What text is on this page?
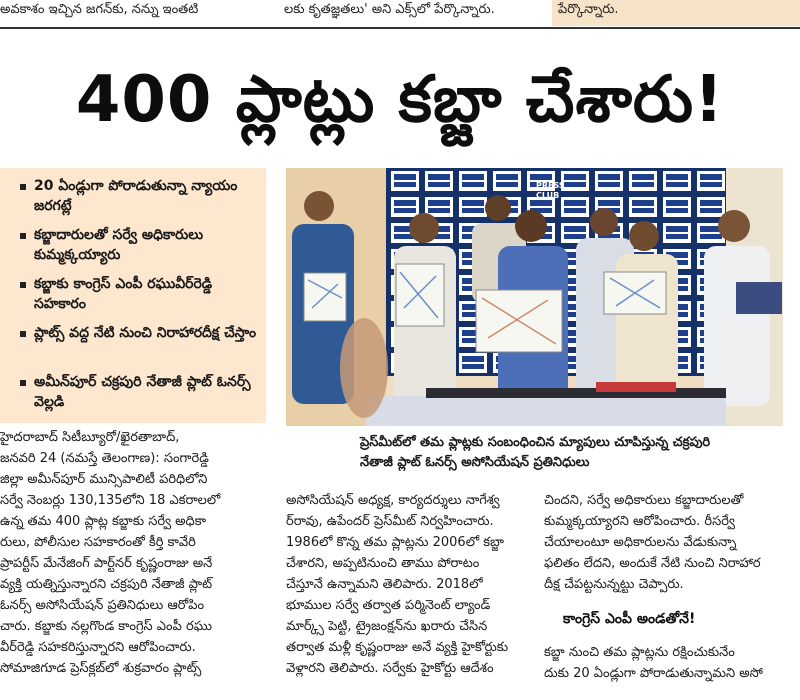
అవకాశం ఇచ్చిన జగన్‌కు, నన్ను ఇంతటి	లకు కృతజ్ఞతలు' అని ఎక్స్‌లో పేర్కొన్నారు.	పేర్కొన్నారు.
400 ప్లాట్లు కబ్జా చేశారు!
20 ఏండ్లుగా పోరాడుతున్నా న్యాయం జరగట్లే
కబ్జాదారులతో సర్వే అధికారులు కుమ్మక్కయ్యారు
కబ్జాకు కాంగ్రెస్ ఎంపీ రఘువీర్‌రెడ్డి సహకారం
ప్లాట్స్ వద్ద నేటి నుంచి నిరాహారదీక్ష చేస్తాం
అమీన్‌పూర్ చక్రపురి నేతాజీ ప్లాట్ ఓనర్స్ వెల్లడి
PRESS
CLUB
ప్రెస్‌మీట్‌లో తమ ప్లాట్లకు సంబంధించిన మ్యాపులు చూపిస్తున్న చక్రపురి నేతాజీ ప్లాట్ ఓనర్స్ అసోసియేషన్ ప్రతినిధులు
హైదరాబాద్ సిటీబ్యూరో/ఖైరతాబాద్,
జనవరి 24 (నమస్తే తెలంగాణ): సంగారెడ్డి
జిల్లా అమీన్‌పూర్ మున్సిపాలిటీ పరిధిలోని
సర్వే నెంబర్లు 130,135లోని 18 ఎకరాలలో
ఉన్న తమ 400 ప్లాట్ల కబ్జాకు సర్వే అధికా
రులు, పోలీసుల సహకారంతో కీర్తి కావేరి
ప్రాపర్టీస్ మేనేజింగ్ పార్ట్‌నర్ కృష్ణంరాజు అనే
వ్యక్తి యత్నిస్తున్నారని చక్రపురి నేతాజీ ప్లాట్
ఓనర్స్ అసోసియేషన్ ప్రతినిధులు ఆరోపిం
చారు. కబ్జాకు నల్లగొండ కాంగ్రెస్ ఎంపీ రఘు
వీర్‌రెడ్డి సహకరిస్తున్నారని ఆరోపించారు.
సోమాజిగూడ ప్రెస్‌క్లబ్‌లో శుక్రవారం ప్లాట్స్
అసోసియేషన్ అధ్యక్ష, కార్యదర్శులు నాగేశ్వ
ర్‌రావు, ఉపేందర్ ప్రెస్‌మీట్ నిర్వహించారు.
1986లో కొన్న తమ ప్లాట్లను 2006లో కబ్జా
చేశారని, అప్పటినుంచి తాము పోరాటం
చేస్తూనే ఉన్నామని తెలిపారు. 2018లో
భూముల సర్వే తర్వాత పర్మినెంట్ ల్యాండ్
మార్క్స్ పెట్టి, ట్రైజంక్షన్‌ను ఖరారు చేసిన
తర్వాత మళ్లీ కృష్ణంరాజు అనే వ్యక్తి హైకోర్టుకు
వెళ్లారని తెలిపారు. సర్వేకు హైకోర్టు ఆదేశం
చిందని, సర్వే అధికారులు కబ్జాదారులతో
కుమ్మక్కయ్యారని ఆరోపించారు. రీసర్వే
చేయాలంటూ అధికారులను వేడుకున్నా
ఫలితం లేదని, అందుకే నేటి నుంచి నిరాహార
దీక్ష చేపట్టనున్నట్టు చెప్పారు.
కాంగ్రెస్ ఎంపీ అండతోనే!
కబ్జా నుంచి తమ ప్లాట్లను రక్షించుకునేం
దుకు 20 ఏండ్లుగా పోరాడుతున్నామని అసో
